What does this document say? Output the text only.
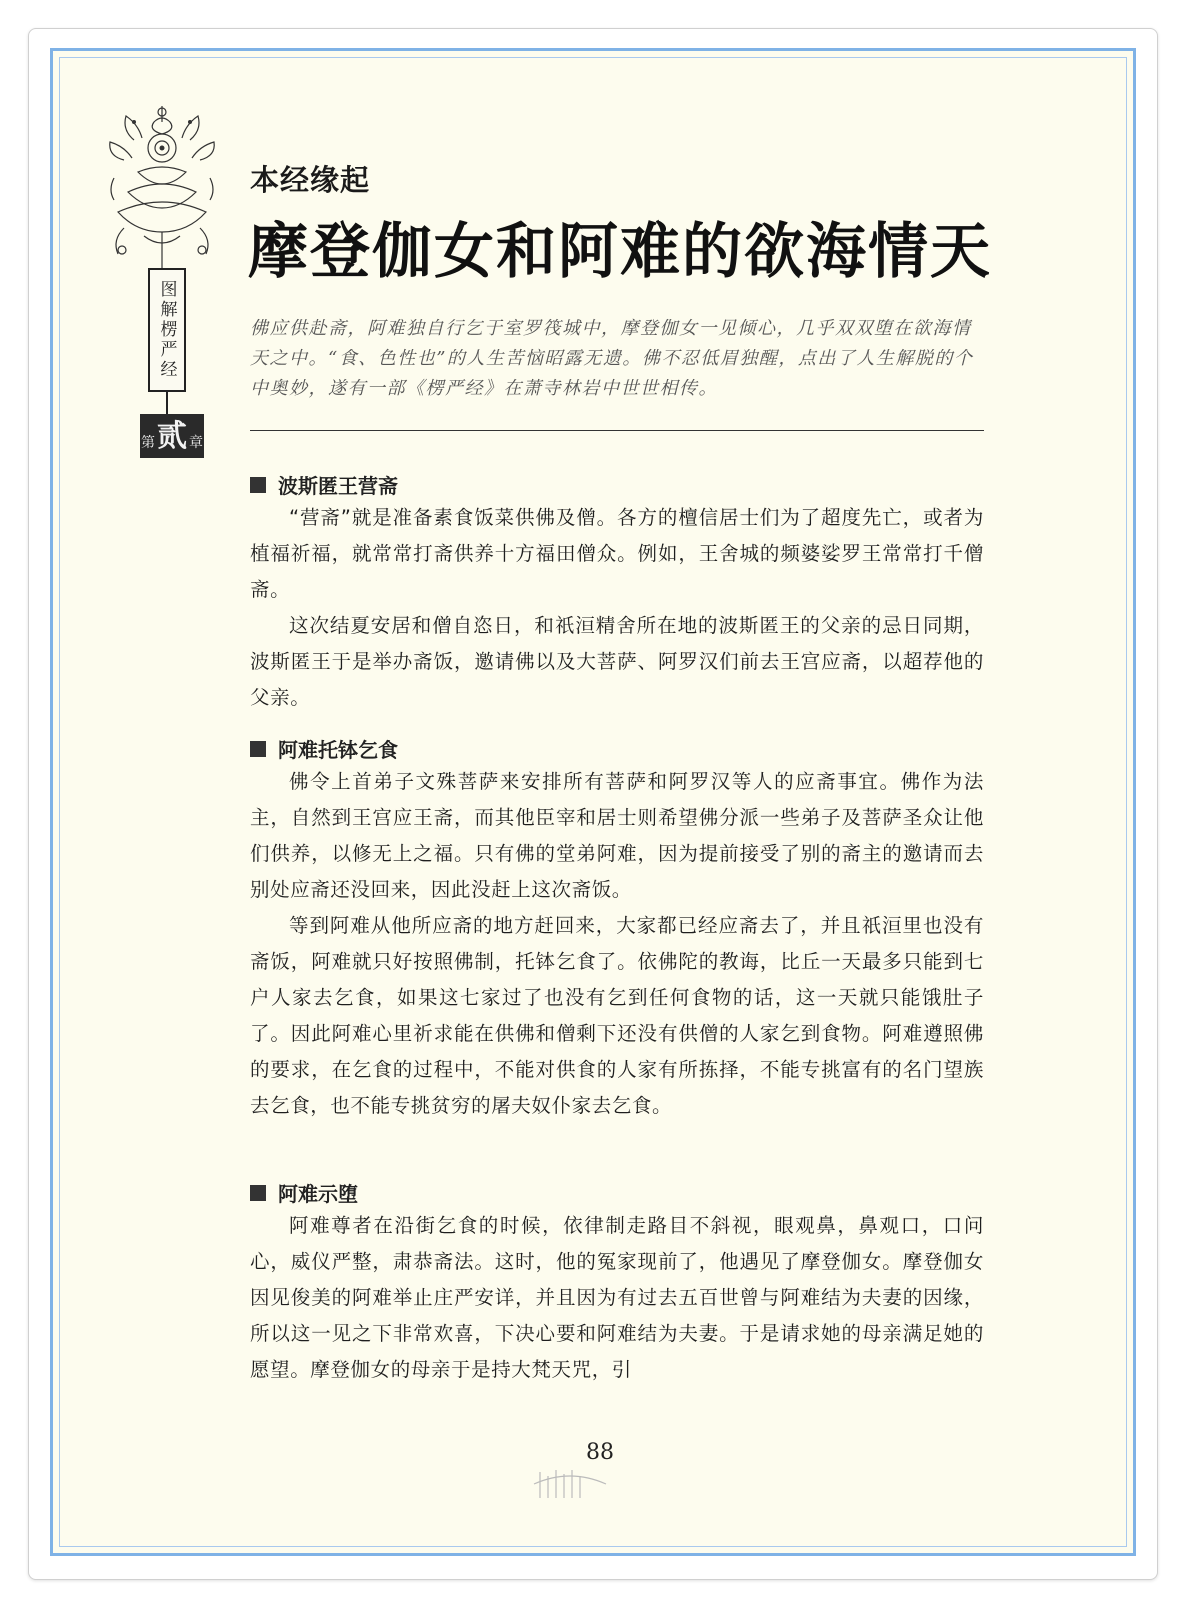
图解楞严经
第 贰 章
本经缘起
摩登伽女和阿难的欲海情天
佛应供赴斋，阿难独自行乞于室罗筏城中，摩登伽女一见倾心，几乎双双堕在欲海情天之中。“食、色性也”的人生苦恼昭露无遗。佛不忍低眉独醒，点出了人生解脱的个中奥妙，遂有一部《楞严经》在萧寺林岩中世世相传。
波斯匿王营斋
“营斋”就是准备素食饭菜供佛及僧。各方的檀信居士们为了超度先亡，或者为植福祈福，就常常打斋供养十方福田僧众。例如，王舍城的频婆娑罗王常常打千僧斋。
这次结夏安居和僧自恣日，和祇洹精舍所在地的波斯匿王的父亲的忌日同期，波斯匿王于是举办斋饭，邀请佛以及大菩萨、阿罗汉们前去王宫应斋，以超荐他的父亲。
阿难托钵乞食
佛令上首弟子文殊菩萨来安排所有菩萨和阿罗汉等人的应斋事宜。佛作为法主，自然到王宫应王斋，而其他臣宰和居士则希望佛分派一些弟子及菩萨圣众让他们供养，以修无上之福。只有佛的堂弟阿难，因为提前接受了别的斋主的邀请而去别处应斋还没回来，因此没赶上这次斋饭。
等到阿难从他所应斋的地方赶回来，大家都已经应斋去了，并且祇洹里也没有斋饭，阿难就只好按照佛制，托钵乞食了。依佛陀的教诲，比丘一天最多只能到七户人家去乞食，如果这七家过了也没有乞到任何食物的话，这一天就只能饿肚子了。因此阿难心里祈求能在供佛和僧剩下还没有供僧的人家乞到食物。阿难遵照佛的要求，在乞食的过程中，不能对供食的人家有所拣择，不能专挑富有的名门望族去乞食，也不能专挑贫穷的屠夫奴仆家去乞食。
阿难示堕
阿难尊者在沿街乞食的时候，依律制走路目不斜视，眼观鼻，鼻观口，口问心，威仪严整，肃恭斋法。这时，他的冤家现前了，他遇见了摩登伽女。摩登伽女因见俊美的阿难举止庄严安详，并且因为有过去五百世曾与阿难结为夫妻的因缘，所以这一见之下非常欢喜，下决心要和阿难结为夫妻。于是请求她的母亲满足她的愿望。摩登伽女的母亲于是持大梵天咒，引
88
